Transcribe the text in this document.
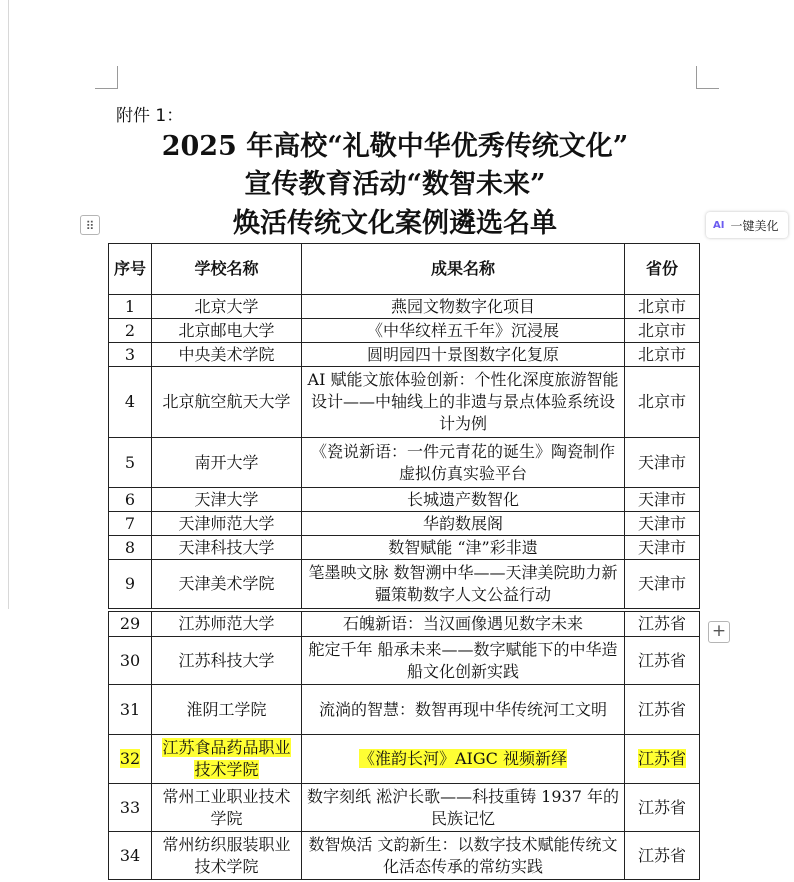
附件 1：
2025 年高校“礼敬中华优秀传统文化”
宣传教育活动“数智未来”
焕活传统文化案例遴选名单
⠿	AI 一键美化
序号	学校名称	成果名称	省份
1	北京大学	燕园文物数字化项目	北京市
2	北京邮电大学	《中华纹样五千年》沉浸展	北京市
3	中央美术学院	圆明园四十景图数字化复原	北京市
4	北京航空航天大学	AI 赋能文旅体验创新：个性化深度旅游智能设计——中轴线上的非遗与景点体验系统设计为例	北京市
5	南开大学	《瓷说新语：一件元青花的诞生》陶瓷制作虚拟仿真实验平台	天津市
6	天津大学	长城遗产数智化	天津市
7	天津师范大学	华韵数展阁	天津市
8	天津科技大学	数智赋能 “津”彩非遗	天津市
9	天津美术学院	笔墨映文脉 数智溯中华——天津美院助力新疆策勒数字人文公益行动	天津市
29	江苏师范大学	石魄新语：当汉画像遇见数字未来	江苏省
30	江苏科技大学	舵定千年 船承未来——数字赋能下的中华造船文化创新实践	江苏省
31	淮阴工学院	流淌的智慧：数智再现中华传统河工文明	江苏省
32	江苏食品药品职业技术学院	《淮韵长河》AIGC 视频新绎	江苏省
33	常州工业职业技术学院	数字刻纸 淞沪长歌——科技重铸 1937 年的民族记忆	江苏省
34	常州纺织服装职业技术学院	数智焕活 文韵新生：以数字技术赋能传统文化活态传承的常纺实践	江苏省
+
